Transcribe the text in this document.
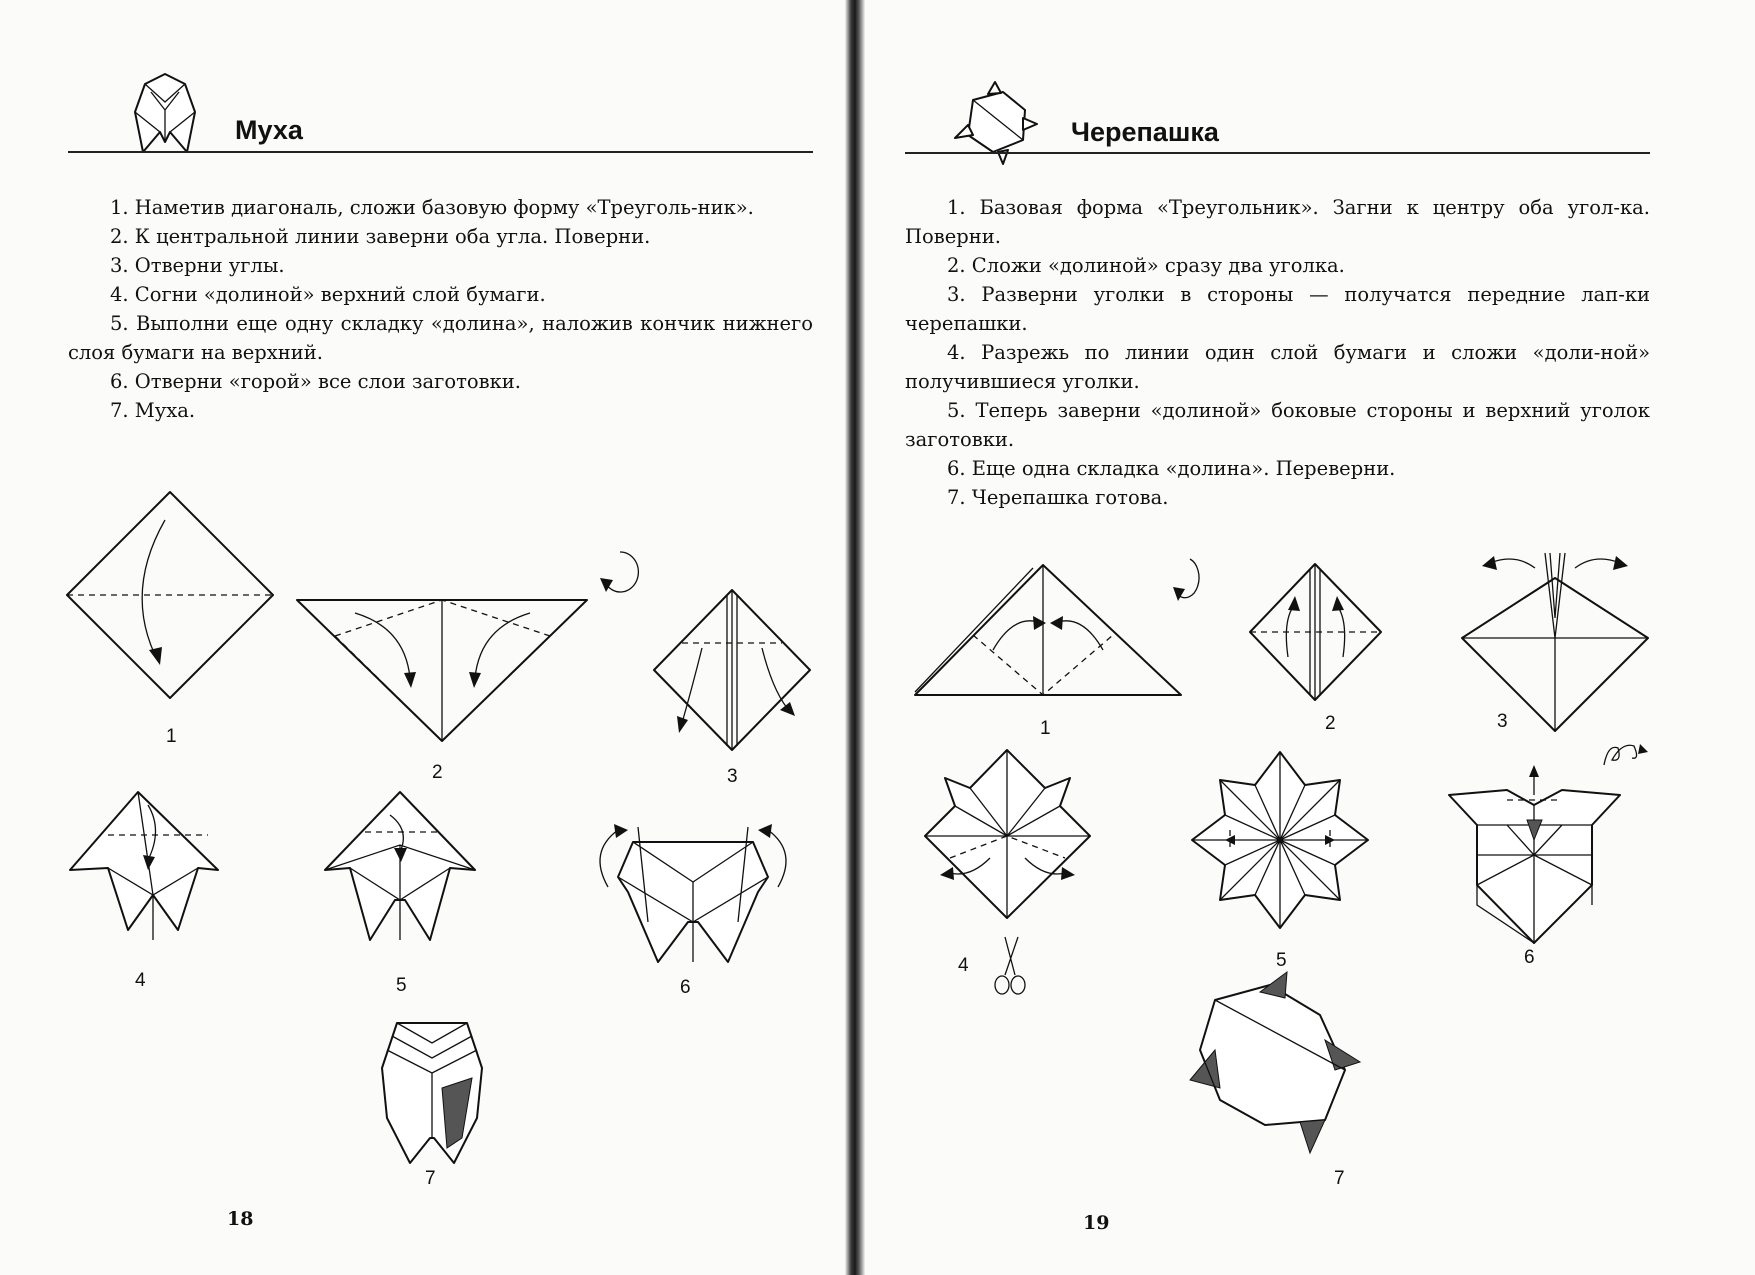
Муха

1. Наметив диагональ, сложи базовую форму «Треуголь-ник».

2. К центральной линии заверни оба угла. Поверни.

3. Отверни углы.

4. Согни «долиной» верхний слой бумаги.

5. Выполни еще одну складку «долина», наложив кончик нижнего слоя бумаги на верхний.

6. Отверни «горой» все слои заготовки.

7. Муха.

1
2	3
4	5	6
7
18
Черепашка

1. Базовая форма «Треугольник». Загни к центру оба угол-ка. Поверни.

2. Сложи «долиной» сразу два уголка.

3. Разверни уголки в стороны — получатся передние лап-ки черепашки.

4. Разрежь по линии один слой бумаги и сложи «доли-ной» получившиеся уголки.

5. Теперь заверни «долиной» боковые стороны и верхний уголок заготовки.

6. Еще одна складка «долина». Переверни.

7. Черепашка готова.

1	2	3
4	5	6
7
19
